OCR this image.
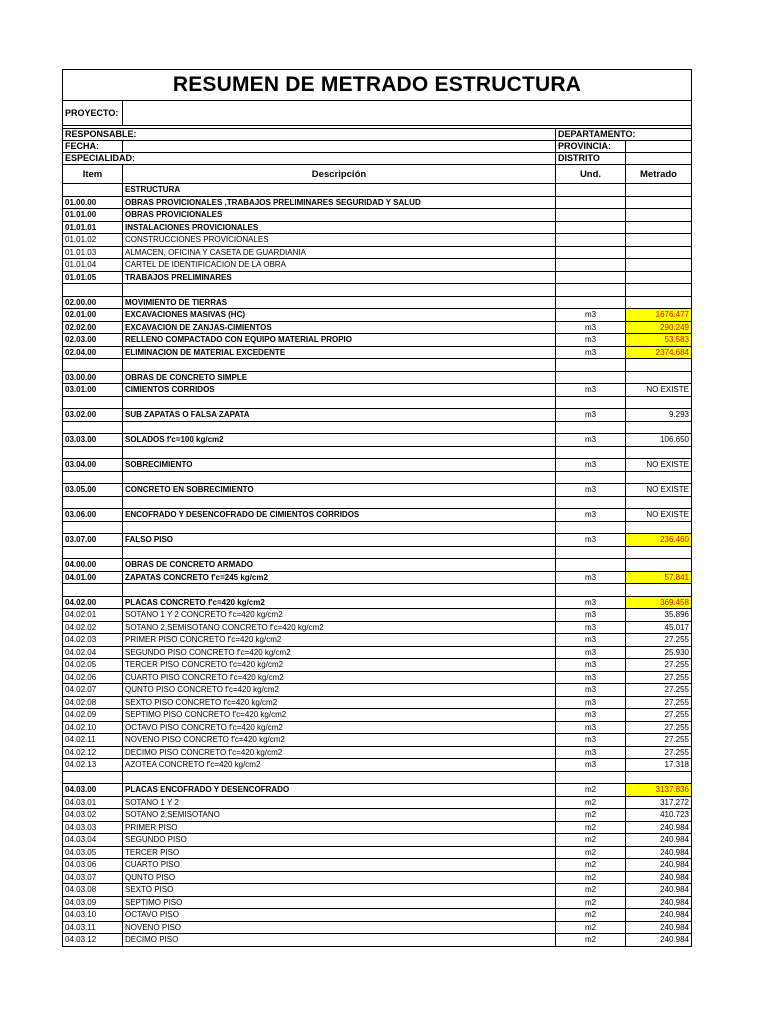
RESUMEN DE METRADO ESTRUCTURA			
PROYECTO:			

RESPONSABLE:		DEPARTAMENTO:	
FECHA:		PROVINCIA:	
ESPECIALIDAD:		DISTRITO	
Item	Descripción	Und.	Metrado
	ESTRUCTURA		
01.00.00	OBRAS PROVICIONALES ,TRABAJOS PRELIMINARES SEGURIDAD Y SALUD		
01.01.00	OBRAS PROVICIONALES		
01.01.01	INSTALACIONES PROVICIONALES		
01.01.02	CONSTRUCCIONES PROVICIONALES		
01.01.03	ALMACEN, OFICINA Y CASETA DE GUARDIANIA		
01.01.04	CARTEL DE IDENTIFICACION DE LA OBRA		
01.01.05	TRABAJOS PRELIMINARES		

02.00.00	MOVIMIENTO DE TIERRAS		
02.01.00	EXCAVACIONES MASIVAS (HC)	m3	1676.477
02.02.00	EXCAVACION DE ZANJAS-CIMIENTOS	m3	290.249
02.03.00	RELLENO COMPACTADO CON EQUIPO MATERIAL PROPIO	m3	53.583
02.04.00	ELIMINACION DE MATERIAL EXCEDENTE	m3	2374.684

03.00.00	OBRAS DE CONCRETO SIMPLE		
03.01.00	CIMIENTOS CORRIDOS	m3	NO EXISTE

03.02.00	SUB ZAPATAS O FALSA ZAPATA	m3	9.293

03.03.00	SOLADOS f'c=100 kg/cm2	m3	106.650

03.04.00	SOBRECIMIENTO	m3	NO EXISTE

03.05.00	CONCRETO EN SOBRECIMIENTO	m3	NO EXISTE

03.06.00	ENCOFRADO Y DESENCOFRADO DE CIMIENTOS CORRIDOS	m3	NO EXISTE

03.07.00	FALSO PISO	m3	236.460

04.00.00	OBRAS DE CONCRETO ARMADO		
04.01.00	ZAPATAS CONCRETO f'c=245 kg/cm2	m3	57.841

04.02.00	PLACAS CONCRETO f'c=420 kg/cm2	m3	369.458
04.02.01	SOTANO 1 Y 2 CONCRETO f'c=420 kg/cm2	m3	35.896
04.02.02	SOTANO 2,SEMISOTANO CONCRETO f'c=420 kg/cm2	m3	45.017
04.02.03	PRIMER PISO CONCRETO f'c=420 kg/cm2	m3	27.255
04.02.04	SEGUNDO PISO CONCRETO f'c=420 kg/cm2	m3	25.930
04.02.05	TERCER PISO CONCRETO f'c=420 kg/cm2	m3	27.255
04.02.06	CUARTO PISO CONCRETO f'c=420 kg/cm2	m3	27.255
04.02.07	QUNTO PISO CONCRETO f'c=420 kg/cm2	m3	27.255
04.02.08	SEXTO PISO CONCRETO f'c=420 kg/cm2	m3	27.255
04.02.09	SEPTIMO PISO CONCRETO f'c=420 kg/cm2	m3	27.255
04.02.10	OCTAVO PISO CONCRETO f'c=420 kg/cm2	m3	27.255
04.02.11	NOVENO PISO CONCRETO f'c=420 kg/cm2	m3	27.255
04.02.12	DECIMO PISO CONCRETO f'c=420 kg/cm2	m3	27.255
04.02.13	AZOTEA CONCRETO f'c=420 kg/cm2	m3	17.318

04.03.00	PLACAS ENCOFRADO Y DESENCOFRADO	m2	3137.836
04.03.01	SOTANO 1 Y 2	m2	317.272
04.03.02	SOTANO 2,SEMISOTANO	m2	410.723
04.03.03	PRIMER PISO	m2	240.984
04.03.04	SEGUNDO PISO	m2	240.984
04.03.05	TERCER PISO	m2	240.984
04.03.06	CUARTO PISO	m2	240.984
04.03.07	QUNTO PISO	m2	240.984
04.03.08	SEXTO PISO	m2	240.984
04.03.09	SEPTIMO PISO	m2	240.984
04.03.10	OCTAVO PISO	m2	240.984
04.03.11	NOVENO PISO	m2	240.984
04.03.12	DECIMO PISO	m2	240.984
